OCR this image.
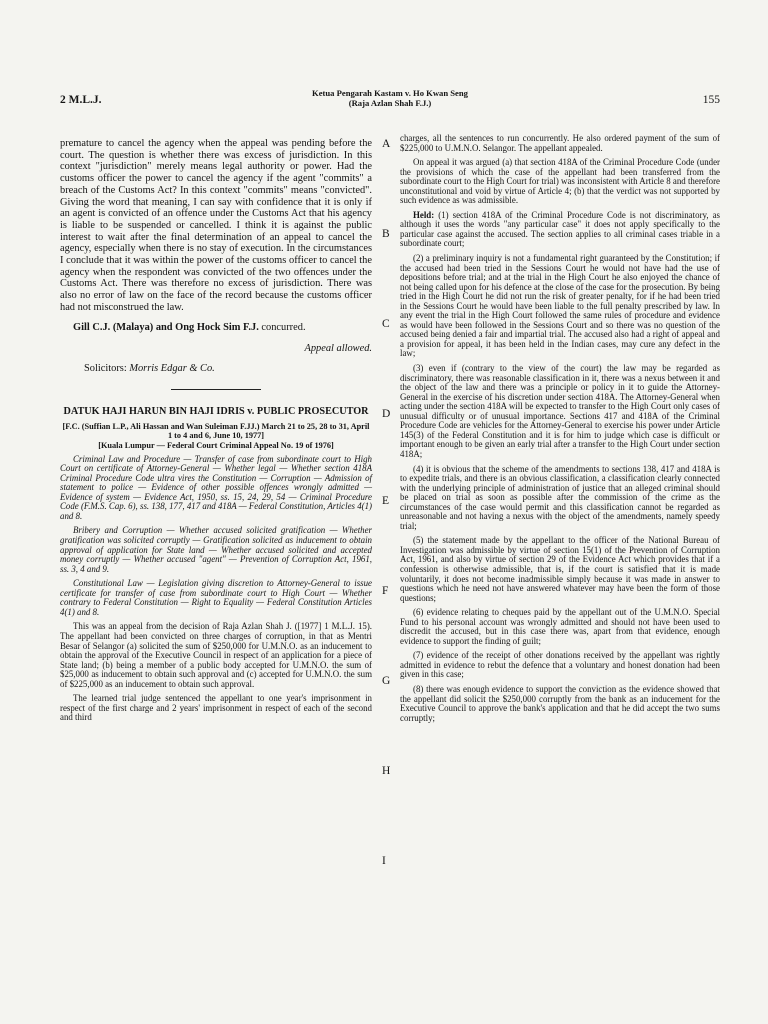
2 M.L.J.
Ketua Pengarah Kastam v. Ho Kwan Seng
(Raja Azlan Shah F.J.)	155
A
B
C
D
E
F
G
H
I

premature to cancel the agency when the appeal was pending before the court. The question is whether there was excess of jurisdiction. In this context "jurisdiction" merely means legal authority or power. Had the customs officer the power to cancel the agency if the agent "commits" a breach of the Customs Act? In this context "commits" means "convicted". Giving the word that meaning, I can say with confidence that it is only if an agent is convicted of an offence under the Customs Act that his agency is liable to be suspended or cancelled. I think it is against the public interest to wait after the final determination of an appeal to cancel the agency, especially when there is no stay of execution. In the circumstances I conclude that it was within the power of the customs officer to cancel the agency when the respondent was convicted of the two offences under the Customs Act. There was therefore no excess of jurisdiction. There was also no error of law on the face of the record because the customs officer had not misconstrued the law.

Gill C.J. (Malaya) and Ong Hock Sim F.J. concurred.

Appeal allowed.

Solicitors: Morris Edgar & Co.

DATUK HAJI HARUN BIN HAJI IDRIS v. PUBLIC PROSECUTOR

[F.C. (Suffian L.P., Ali Hassan and Wan Suleiman F.JJ.) March 21 to 25, 28 to 31, April 1 to 4 and 6, June 10, 1977]

[Kuala Lumpur — Federal Court Criminal Appeal No. 19 of 1976]

Criminal Law and Procedure — Transfer of case from subordinate court to High Court on certificate of Attorney-General — Whether legal — Whether section 418A Criminal Procedure Code ultra vires the Constitution — Corruption — Admission of statement to police — Evidence of other possible offences wrongly admitted — Evidence of system — Evidence Act, 1950, ss. 15, 24, 29, 54 — Criminal Procedure Code (F.M.S. Cap. 6), ss. 138, 177, 417 and 418A — Federal Constitution, Articles 4(1) and 8.

Bribery and Corruption — Whether accused solicited gratification — Whether gratification was solicited corruptly — Gratification solicited as inducement to obtain approval of application for State land — Whether accused solicited and accepted money corruptly — Whether accused "agent" — Prevention of Corruption Act, 1961, ss. 3, 4 and 9.

Constitutional Law — Legislation giving discretion to Attorney-General to issue certificate for transfer of case from subordinate court to High Court — Whether contrary to Federal Constitution — Right to Equality — Federal Constitution Articles 4(1) and 8.

This was an appeal from the decision of Raja Azlan Shah J. ([1977] 1 M.L.J. 15). The appellant had been convicted on three charges of corruption, in that as Mentri Besar of Selangor (a) solicited the sum of $250,000 for U.M.N.O. as an inducement to obtain the approval of the Executive Council in respect of an application for a piece of State land; (b) being a member of a public body accepted for U.M.N.O. the sum of $25,000 as inducement to obtain such approval and (c) accepted for U.M.N.O. the sum of $225,000 as an inducement to obtain such approval.

The learned trial judge sentenced the appellant to one year's imprisonment in respect of the first charge and 2 years' imprisonment in respect of each of the second and third

charges, all the sentences to run concurrently. He also ordered payment of the sum of $225,000 to U.M.N.O. Selangor. The appellant appealed.

On appeal it was argued (a) that section 418A of the Criminal Procedure Code (under the provisions of which the case of the appellant had been transferred from the subordinate court to the High Court for trial) was inconsistent with Article 8 and therefore unconstitutional and void by virtue of Article 4; (b) that the verdict was not supported by such evidence as was admissible.

Held: (1) section 418A of the Criminal Procedure Code is not discriminatory, as although it uses the words "any particular case" it does not apply specifically to the particular case against the accused. The section applies to all criminal cases triable in a subordinate court;

(2) a preliminary inquiry is not a fundamental right guaranteed by the Constitution; if the accused had been tried in the Sessions Court he would not have had the use of depositions before trial; and at the trial in the High Court he also enjoyed the chance of not being called upon for his defence at the close of the case for the prosecution. By being tried in the High Court he did not run the risk of greater penalty, for if he had been tried in the Sessions Court he would have been liable to the full penalty prescribed by law. In any event the trial in the High Court followed the same rules of procedure and evidence as would have been followed in the Sessions Court and so there was no question of the accused being denied a fair and impartial trial. The accused also had a right of appeal and a provision for appeal, it has been held in the Indian cases, may cure any defect in the law;

(3) even if (contrary to the view of the court) the law may be regarded as discriminatory, there was reasonable classification in it, there was a nexus between it and the object of the law and there was a principle or policy in it to guide the Attorney-General in the exercise of his discretion under section 418A. The Attorney-General when acting under the section 418A will be expected to transfer to the High Court only cases of unusual difficulty or of unusual importance. Sections 417 and 418A of the Criminal Procedure Code are vehicles for the Attorney-General to exercise his power under Article 145(3) of the Federal Constitution and it is for him to judge which case is difficult or important enough to be given an early trial after a transfer to the High Court under section 418A;

(4) it is obvious that the scheme of the amendments to sections 138, 417 and 418A is to expedite trials, and there is an obvious classification, a classification clearly connected with the underlying principle of administration of justice that an alleged criminal should be placed on trial as soon as possible after the commission of the crime as the circumstances of the case would permit and this classification cannot be regarded as unreasonable and not having a nexus with the object of the amendments, namely speedy trial;

(5) the statement made by the appellant to the officer of the National Bureau of Investigation was admissible by virtue of section 15(1) of the Prevention of Corruption Act, 1961, and also by virtue of section 29 of the Evidence Act which provides that if a confession is otherwise admissible, that is, if the court is satisfied that it is made voluntarily, it does not become inadmissible simply because it was made in answer to questions which he need not have answered whatever may have been the form of those questions;

(6) evidence relating to cheques paid by the appellant out of the U.M.N.O. Special Fund to his personal account was wrongly admitted and should not have been used to discredit the accused, but in this case there was, apart from that evidence, enough evidence to support the finding of guilt;

(7) evidence of the receipt of other donations received by the appellant was rightly admitted in evidence to rebut the defence that a voluntary and honest donation had been given in this case;

(8) there was enough evidence to support the conviction as the evidence showed that the appellant did solicit the $250,000 corruptly from the bank as an inducement for the Executive Council to approve the bank's application and that he did accept the two sums corruptly;
